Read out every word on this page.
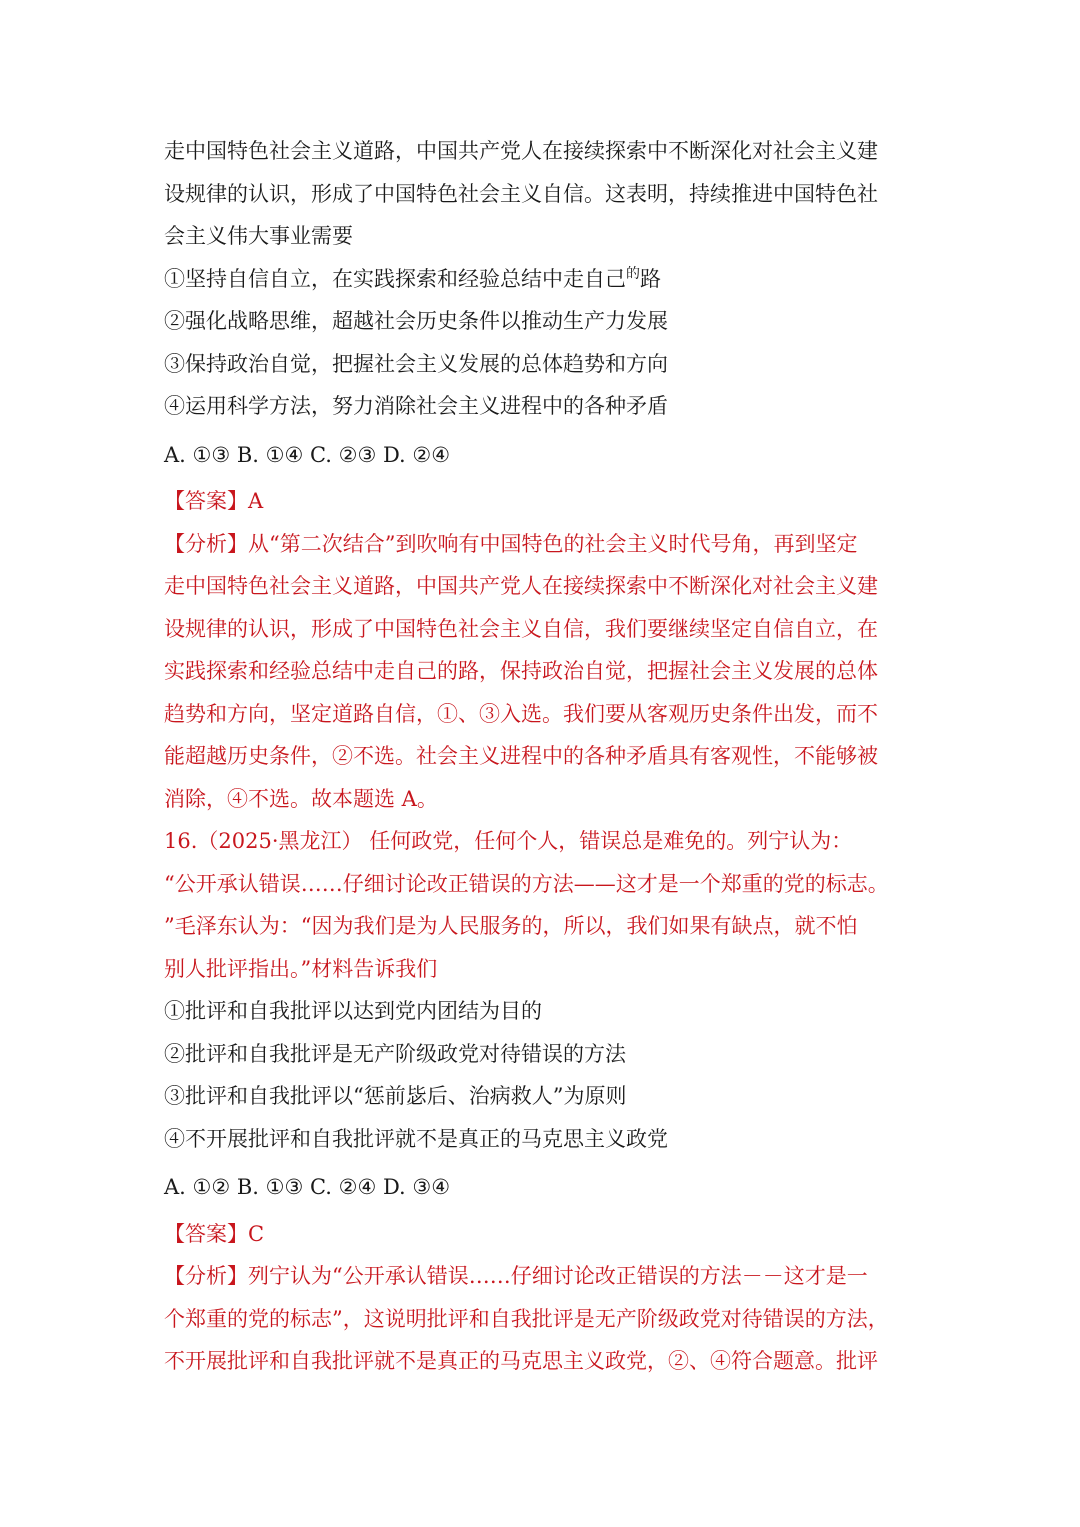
走中国特色社会主义道路，中国共产党人在接续探索中不断深化对社会主义建
设规律的认识，形成了中国特色社会主义自信。这表明，持续推进中国特色社
会主义伟大事业需要
①坚持自信自立，在实践探索和经验总结中走自己$^的$路
②强化战略思维，超越社会历史条件以推动生产力发展
③保持政治自觉，把握社会主义发展的总体趋势和方向
④运用科学方法，努力消除社会主义进程中的各种矛盾
A. ①③ B. ①④ C. ②③ D. ②④
【答案】A
【分析】从“第二次结合”到吹响有中国特色的社会主义时代号角，再到坚定
走中国特色社会主义道路，中国共产党人在接续探索中不断深化对社会主义建
设规律的认识，形成了中国特色社会主义自信，我们要继续坚定自信自立，在
实践探索和经验总结中走自己的路，保持政治自觉，把握社会主义发展的总体
趋势和方向，坚定道路自信，①、③入选。我们要从客观历史条件出发，而不
能超越历史条件，②不选。社会主义进程中的各种矛盾具有客观性，不能够被
消除，④不选。故本题选 A。
16.（2025·黑龙江） 任何政党，任何个人，错误总是难免的。列宁认为：
“公开承认错误……仔细讨论改正错误的方法——这才是一个郑重的党的标志。
”毛泽东认为：“因为我们是为人民服务的，所以，我们如果有缺点，就不怕
别人批评指出。”材料告诉我们
①批评和自我批评以达到党内团结为目的
②批评和自我批评是无产阶级政党对待错误的方法
③批评和自我批评以“惩前毖后、治病救人”为原则
④不开展批评和自我批评就不是真正的马克思主义政党
A. ①② B. ①③ C. ②④ D. ③④
【答案】C
【分析】列宁认为“公开承认错误……仔细讨论改正错误的方法－－这才是一
个郑重的党的标志”，这说明批评和自我批评是无产阶级政党对待错误的方法，
不开展批评和自我批评就不是真正的马克思主义政党，②、④符合题意。批评
